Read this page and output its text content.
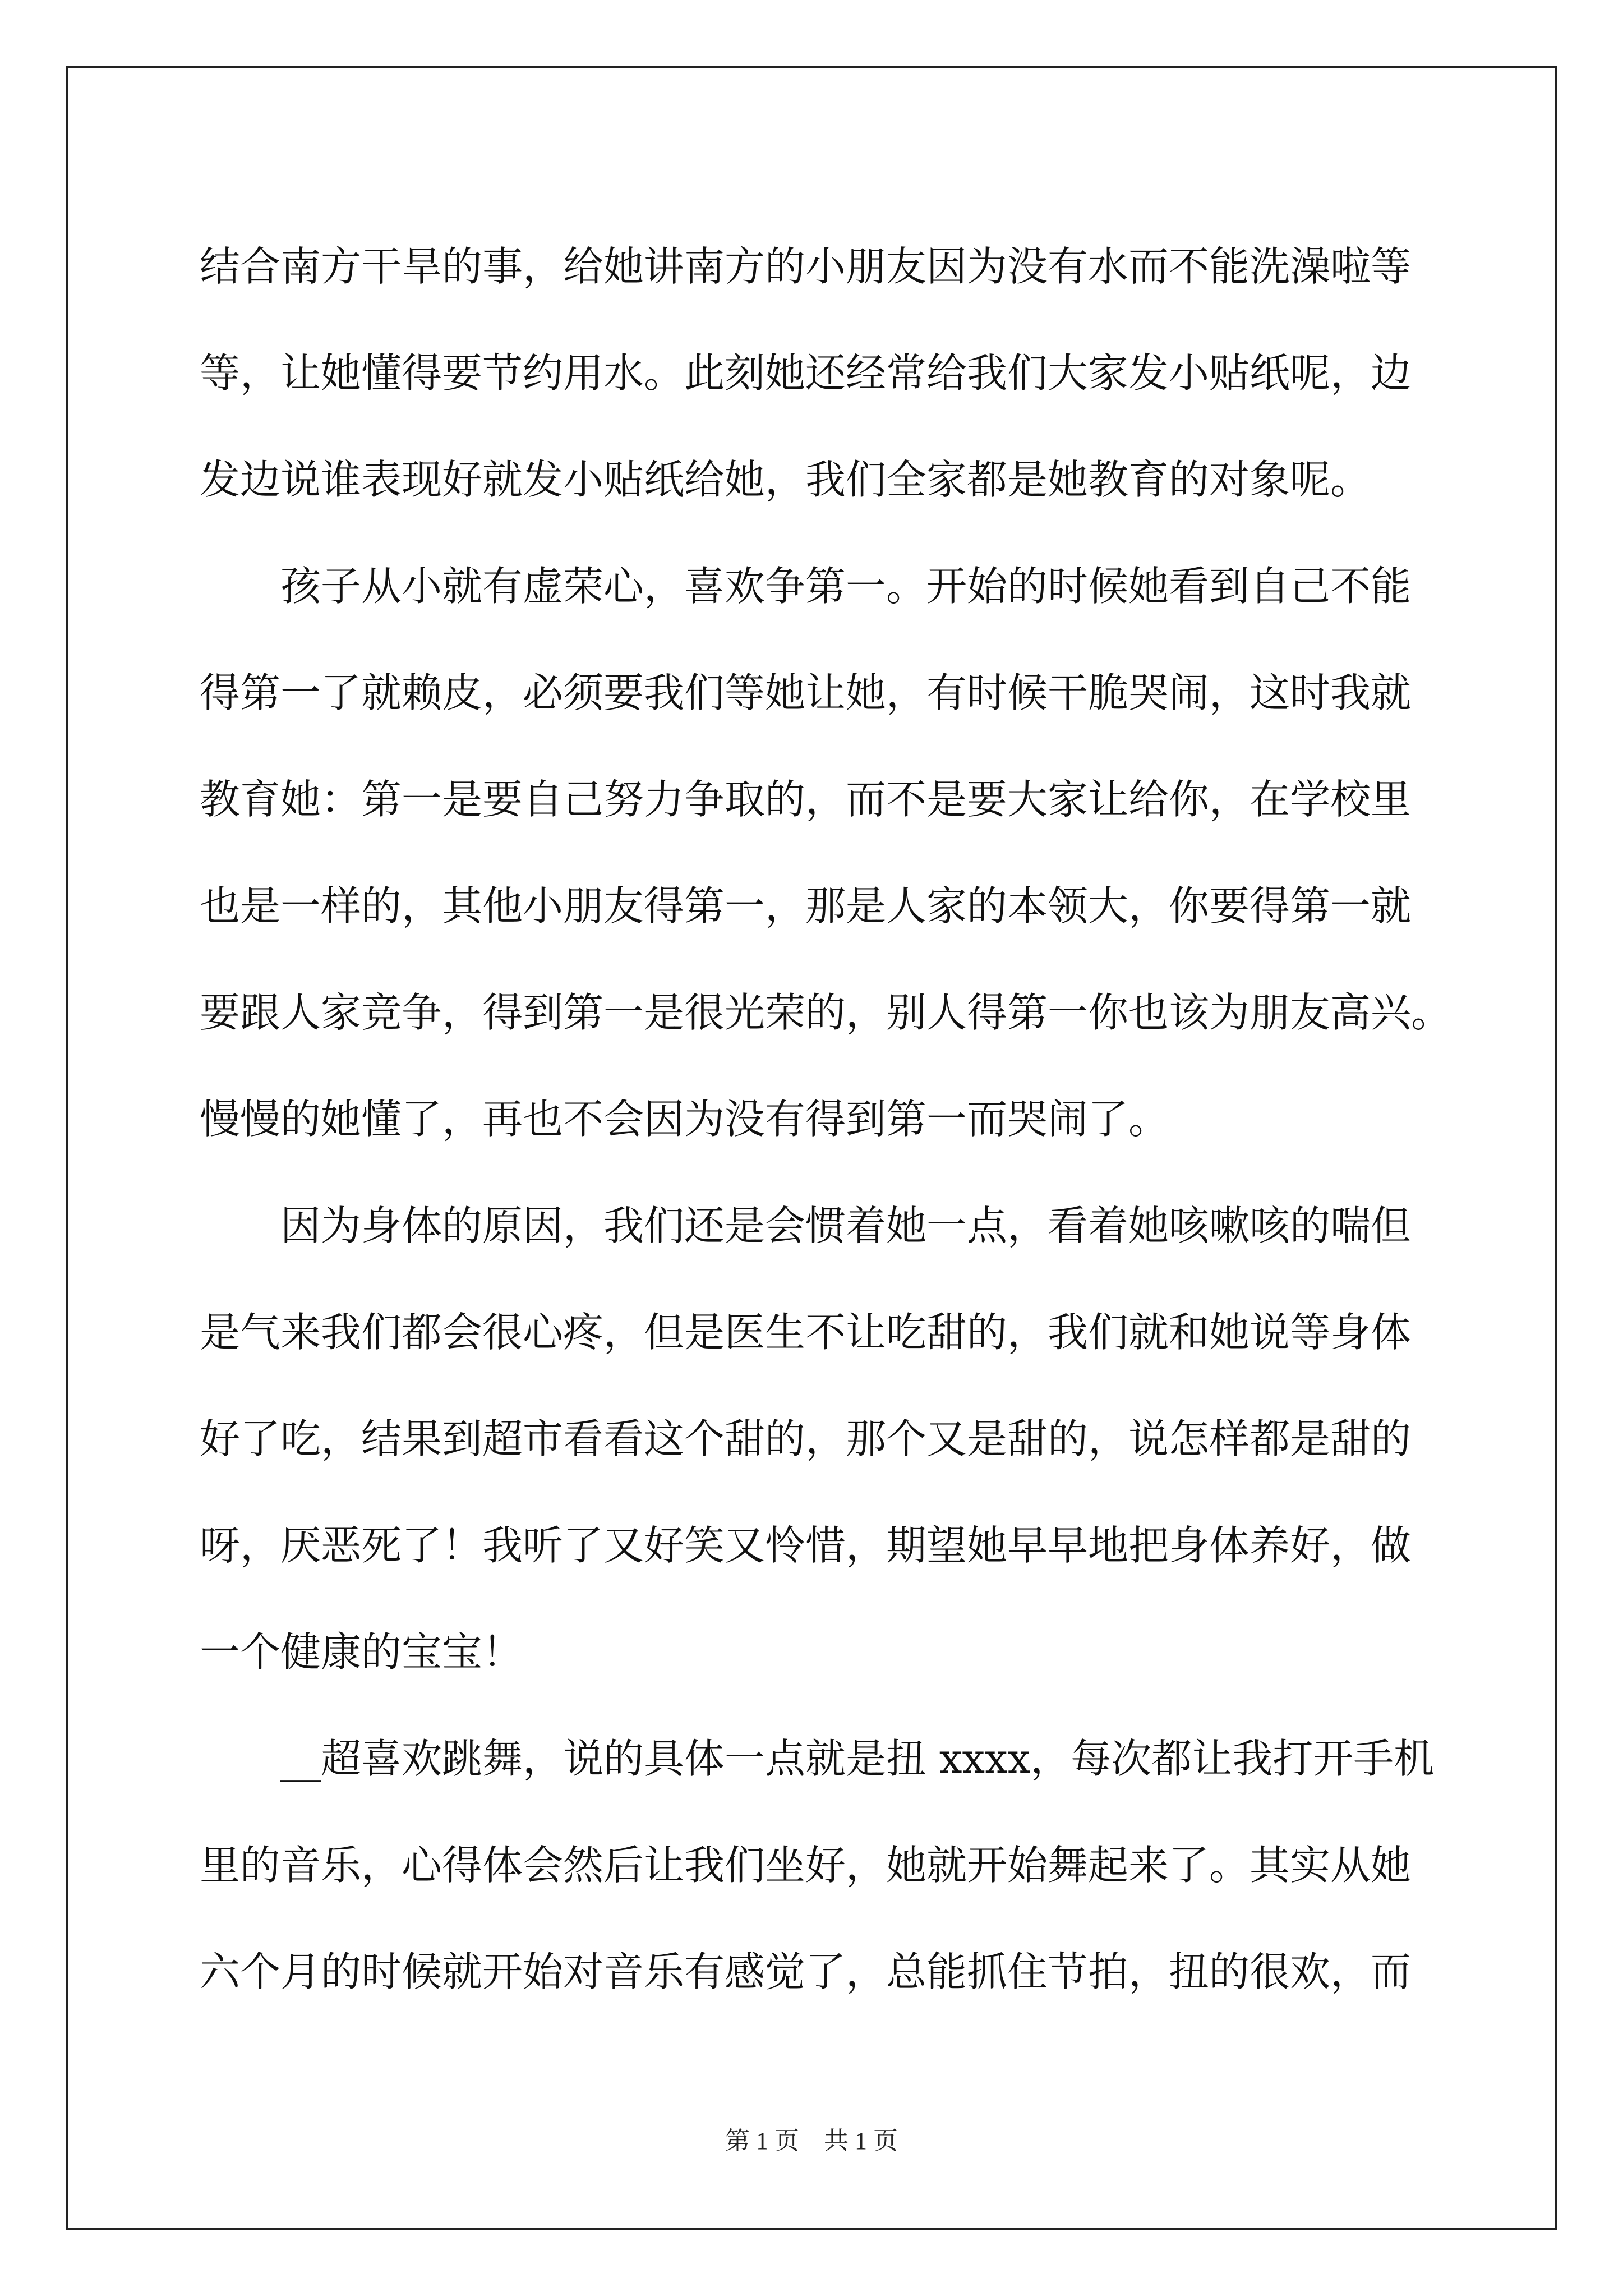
结合南方干旱的事，给她讲南方的小朋友因为没有水而不能洗澡啦等
等，让她懂得要节约用水。此刻她还经常给我们大家发小贴纸呢，边
发边说谁表现好就发小贴纸给她，我们全家都是她教育的对象呢。
孩子从小就有虚荣心，喜欢争第一。开始的时候她看到自己不能
得第一了就赖皮，必须要我们等她让她，有时候干脆哭闹，这时我就
教育她：第一是要自己努力争取的，而不是要大家让给你，在学校里
也是一样的，其他小朋友得第一，那是人家的本领大，你要得第一就
要跟人家竞争，得到第一是很光荣的，别人得第一你也该为朋友高兴。
慢慢的她懂了，再也不会因为没有得到第一而哭闹了。
因为身体的原因，我们还是会惯着她一点，看着她咳嗽咳的喘但
是气来我们都会很心疼，但是医生不让吃甜的，我们就和她说等身体
好了吃，结果到超市看看这个甜的，那个又是甜的，说怎样都是甜的
呀，厌恶死了！我听了又好笑又怜惜，期望她早早地把身体养好，做
一个健康的宝宝！
__超喜欢跳舞，说的具体一点就是扭 xxxx，每次都让我打开手机
里的音乐，心得体会然后让我们坐好，她就开始舞起来了。其实从她
六个月的时候就开始对音乐有感觉了，总能抓住节拍，扭的很欢，而
第 1 页　共 1 页
